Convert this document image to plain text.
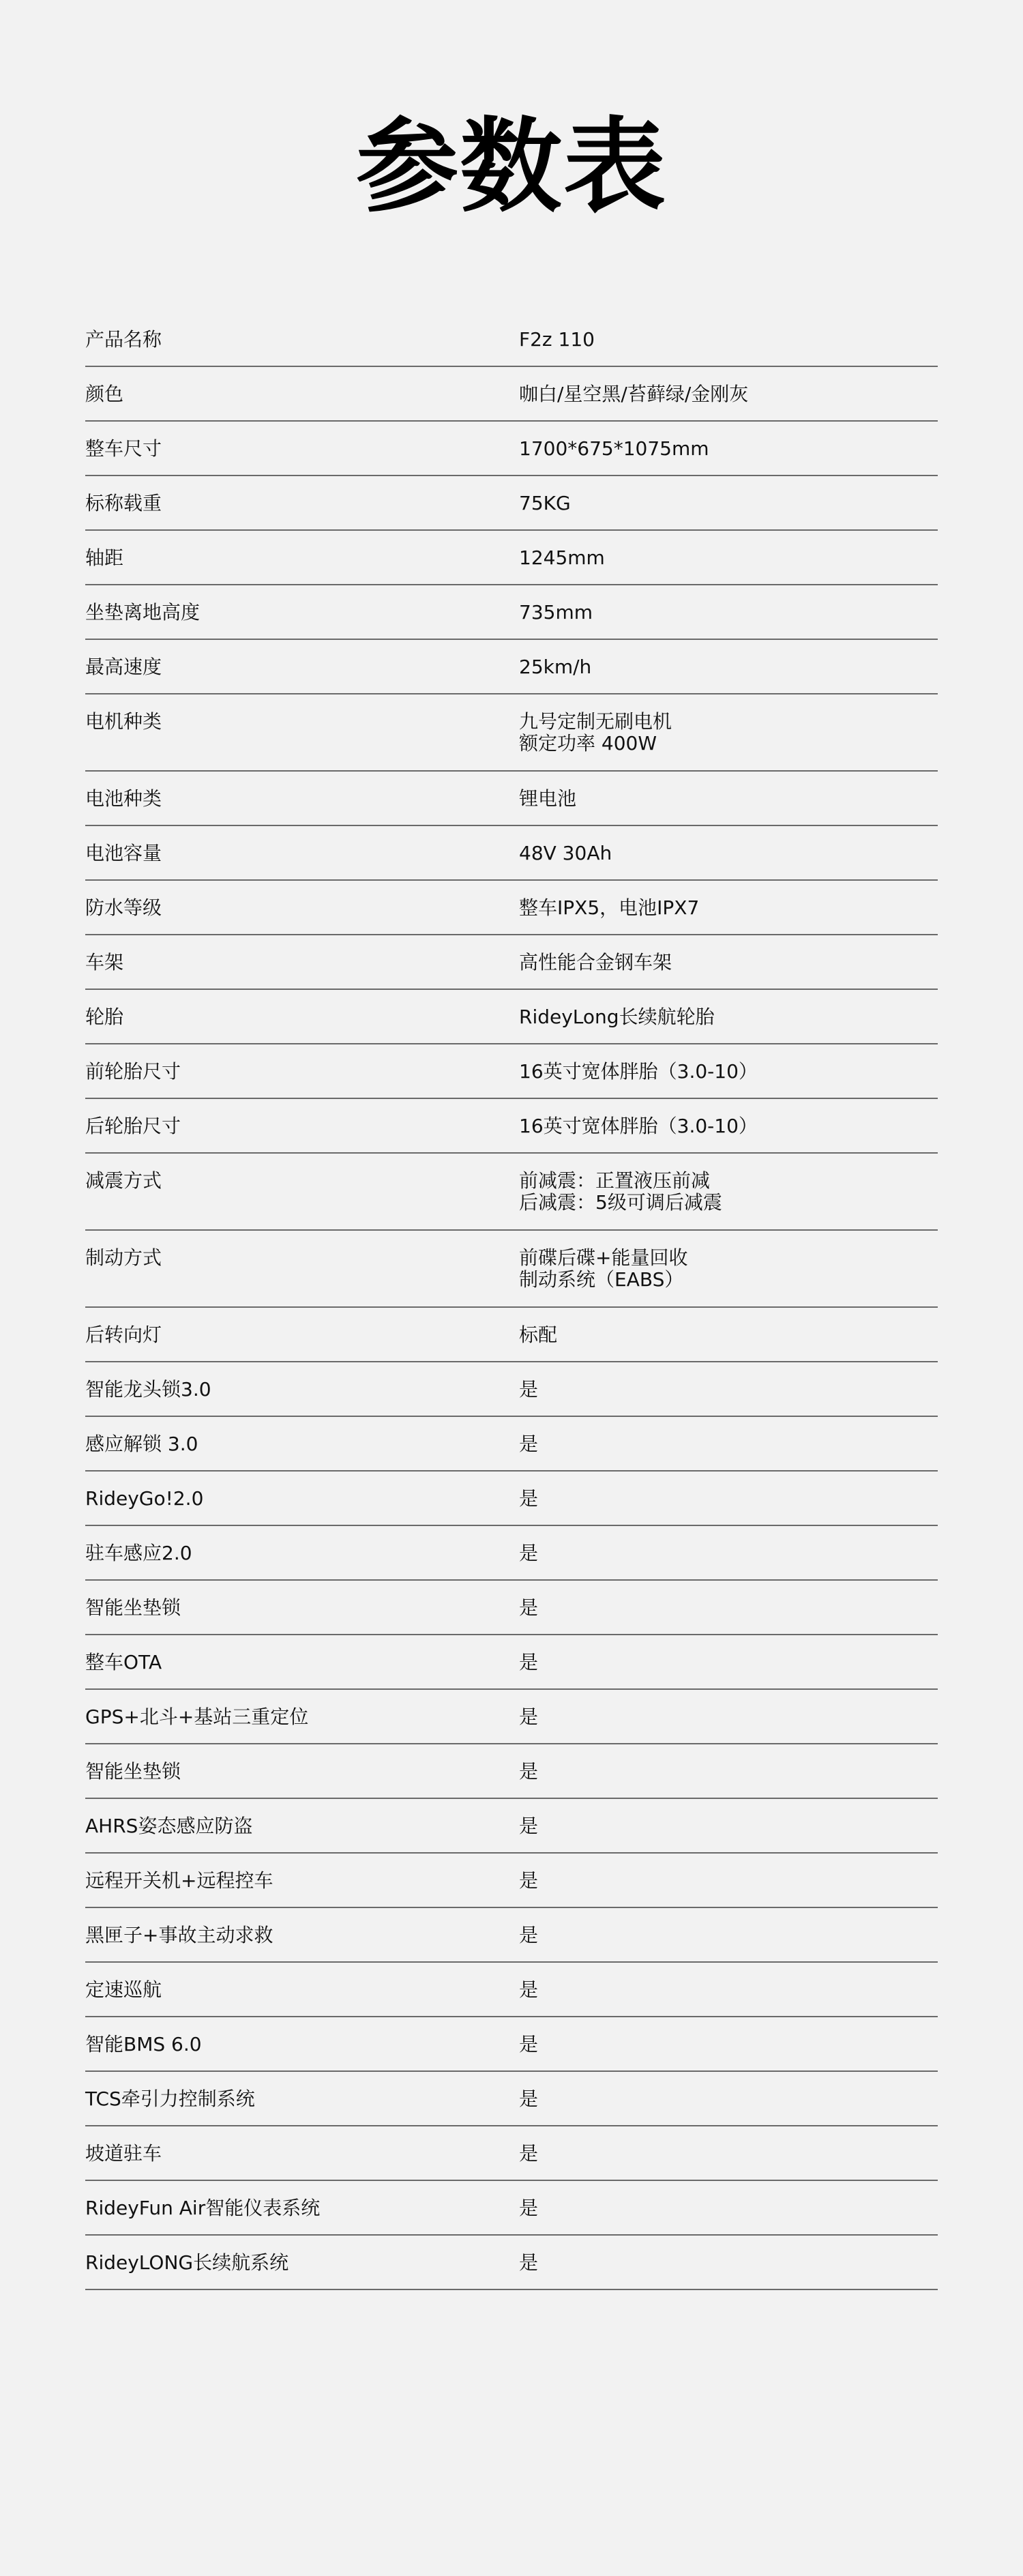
参数表
产品名称	F2z 110
颜色	咖白/星空黑/苔藓绿/金刚灰
整车尺寸	1700*675*1075mm
标称载重	75KG
轴距	1245mm
坐垫离地高度	735mm
最高速度	25km/h
电机种类	九号定制无刷电机
额定功率 400W
电池种类	锂电池
电池容量	48V 30Ah
防水等级	整车IPX5，电池IPX7
车架	高性能合金钢车架
轮胎	RideyLong长续航轮胎
前轮胎尺寸	16英寸宽体胖胎（3.0-10）
后轮胎尺寸	16英寸宽体胖胎（3.0-10）
减震方式	前减震：正置液压前减
后减震：5级可调后减震
制动方式	前碟后碟+能量回收
制动系统（EABS）
后转向灯	标配
智能龙头锁3.0	是
感应解锁 3.0	是
RideyGo!2.0	是
驻车感应2.0	是
智能坐垫锁	是
整车OTA	是
GPS+北斗+基站三重定位	是
智能坐垫锁	是
AHRS姿态感应防盗	是
远程开关机+远程控车	是
黑匣子+事故主动求救	是
定速巡航	是
智能BMS 6.0	是
TCS牵引力控制系统	是
坡道驻车	是
RideyFun Air智能仪表系统	是
RideyLONG长续航系统	是
